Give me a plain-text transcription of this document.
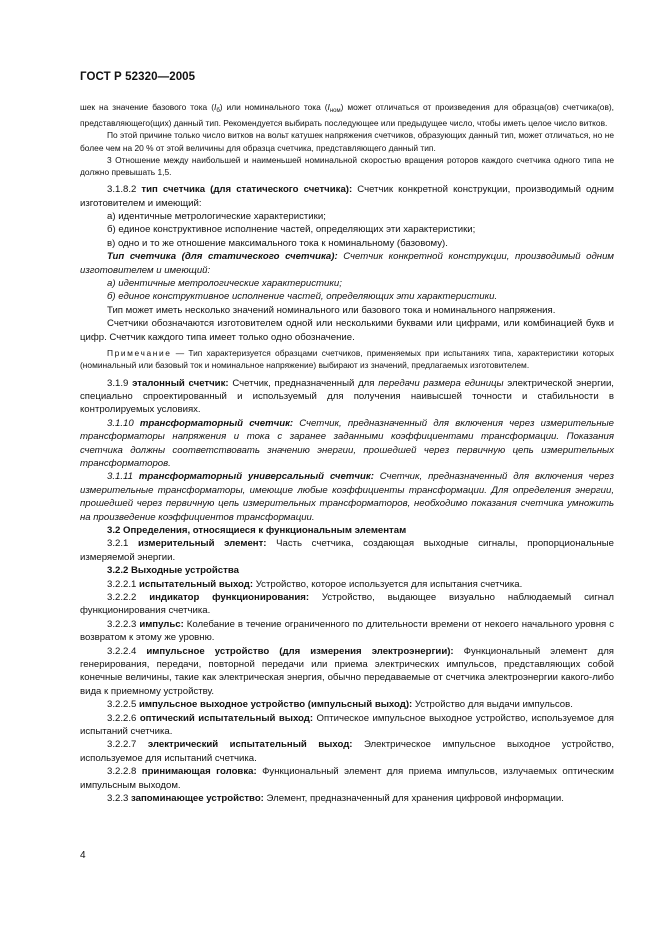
ГОСТ Р 52320—2005

шек на значение базового тока $(I_б)$ или номинального тока $(I_{ном})$ может отличаться от произведения для образца(ов) счетчика(ов), представляющего(щих) данный тип. Рекомендуется выбирать последующее или предыдущее число, чтобы иметь целое число витков.

По этой причине только число витков на вольт катушек напряжения счетчиков, образующих данный тип, может отличаться, но не более чем на 20 % от этой величины для образца счетчика, представляющего данный тип.

3 Отношение между наибольшей и наименьшей номинальной скоростью вращения роторов каждого счетчика одного типа не должно превышать 1,5.

3.1.8.2 тип счетчика (для статического счетчика): Счетчик конкретной конструкции, производимый одним изготовителем и имеющий:

а) идентичные метрологические характеристики;

б) единое конструктивное исполнение частей, определяющих эти характеристики;

в) одно и то же отношение максимального тока к номинальному (базовому).

Тип счетчика (для статического счетчика): Счетчик конкретной конструкции, производимый одним изготовителем и имеющий:

а) идентичные метрологические характеристики;

б) единое конструктивное исполнение частей, определяющих эти характеристики.

Тип может иметь несколько значений номинального или базового тока и номинального напряжения.

Счетчики обозначаются изготовителем одной или несколькими буквами или цифрами, или комбинацией букв и цифр. Счетчик каждого типа имеет только одно обозначение.

Примечание — Тип характеризуется образцами счетчиков, применяемых при испытаниях типа, характеристики которых (номинальный или базовый ток и номинальное напряжение) выбирают из значений, предлагаемых изготовителем.

3.1.9 эталонный счетчик: Счетчик, предназначенный для передачи размера единицы электрической энергии, специально спроектированный и используемый для получения наивысшей точности и стабильности в контролируемых условиях.

3.1.10 трансформаторный счетчик: Счетчик, предназначенный для включения через измерительные трансформаторы напряжения и тока с заранее заданными коэффициентами трансформации. Показания счетчика должны соответствовать значению энергии, прошедшей через первичную цепь измерительных трансформаторов.

3.1.11 трансформаторный универсальный счетчик: Счетчик, предназначенный для включения через измерительные трансформаторы, имеющие любые коэффициенты трансформации. Для определения энергии, прошедшей через первичную цепь измерительных трансформаторов, необходимо показания счетчика умножить на произведение коэффициентов трансформации.

3.2 Определения, относящиеся к функциональным элементам

3.2.1 измерительный элемент: Часть счетчика, создающая выходные сигналы, пропорциональные измеряемой энергии.

3.2.2 Выходные устройства

3.2.2.1 испытательный выход: Устройство, которое используется для испытания счетчика.

3.2.2.2 индикатор функционирования: Устройство, выдающее визуально наблюдаемый сигнал функционирования счетчика.

3.2.2.3 импульс: Колебание в течение ограниченного по длительности времени от некоего начального уровня с возвратом к этому же уровню.

3.2.2.4 импульсное устройство (для измерения электроэнергии): Функциональный элемент для генерирования, передачи, повторной передачи или приема электрических импульсов, представляющих собой конечные величины, такие как электрическая энергия, обычно передаваемые от счетчика электроэнергии какого-либо вида к приемному устройству.

3.2.2.5 импульсное выходное устройство (импульсный выход): Устройство для выдачи импульсов.

3.2.2.6 оптический испытательный выход: Оптическое импульсное выходное устройство, используемое для испытаний счетчика.

3.2.2.7 электрический испытательный выход: Электрическое импульсное выходное устройство, используемое для испытаний счетчика.

3.2.2.8 принимающая головка: Функциональный элемент для приема импульсов, излучаемых оптическим импульсным выходом.

3.2.3 запоминающее устройство: Элемент, предназначенный для хранения цифровой информации.

4
